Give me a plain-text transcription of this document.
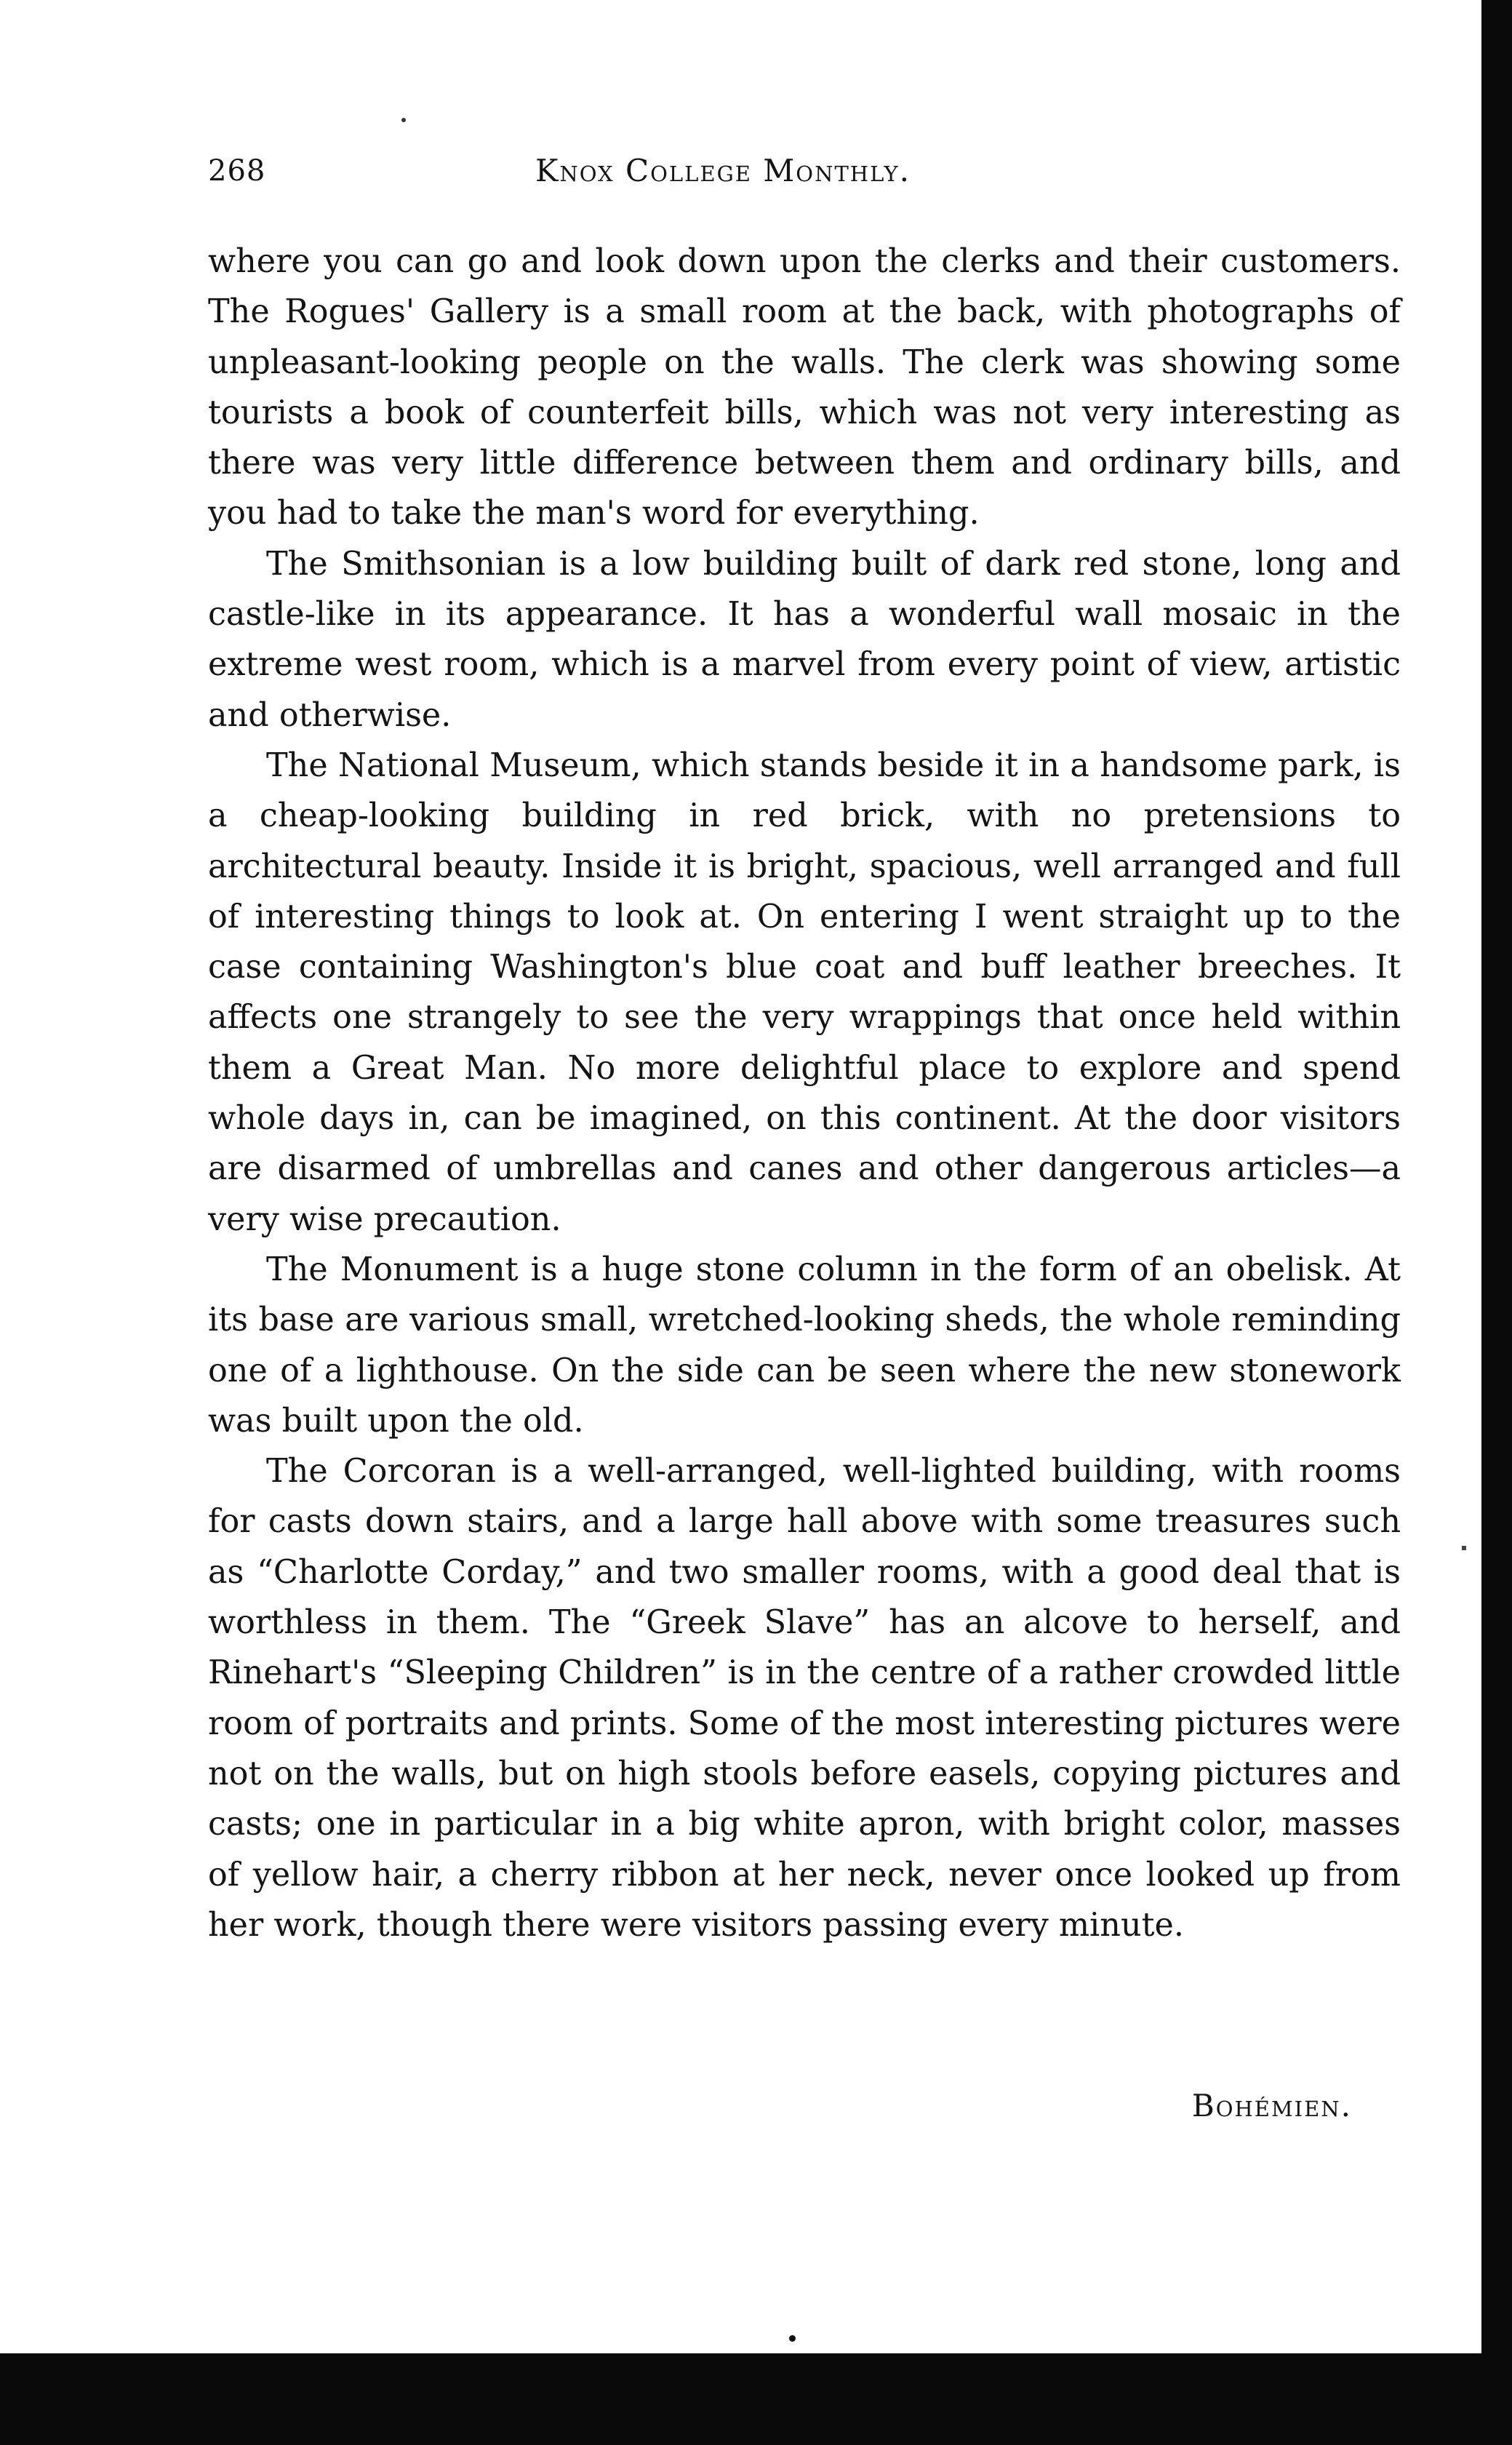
268	Knox College Monthly.

where you can go and look down upon the clerks and their customers. The Rogues' Gallery is a small room at the back, with photographs of unpleasant-looking people on the walls. The clerk was showing some tourists a book of counterfeit bills, which was not very interesting as there was very little difference between them and ordinary bills, and you had to take the man's word for everything.

The Smithsonian is a low building built of dark red stone, long and castle-like in its appearance. It has a wonderful wall mosaic in the extreme west room, which is a marvel from every point of view, artistic and otherwise.

The National Museum, which stands beside it in a handsome park, is a cheap-looking building in red brick, with no pretensions to architectural beauty. Inside it is bright, spacious, well arranged and full of interesting things to look at. On entering I went straight up to the case containing Washington's blue coat and buff leather breeches. It affects one strangely to see the very wrappings that once held within them a Great Man. No more delightful place to explore and spend whole days in, can be imagined, on this continent. At the door visitors are disarmed of umbrellas and canes and other dangerous articles—a very wise precaution.

The Monument is a huge stone column in the form of an obelisk. At its base are various small, wretched-looking sheds, the whole reminding one of a lighthouse. On the side can be seen where the new stonework was built upon the old.

The Corcoran is a well-arranged, well-lighted building, with rooms for casts down stairs, and a large hall above with some treasures such as “Charlotte Corday,” and two smaller rooms, with a good deal that is worthless in them. The “Greek Slave” has an alcove to herself, and Rinehart's “Sleeping Children” is in the centre of a rather crowded little room of portraits and prints. Some of the most interesting pictures were not on the walls, but on high stools before easels, copying pictures and casts; one in particular in a big white apron, with bright color, masses of yellow hair, a cherry ribbon at her neck, never once looked up from her work, though there were visitors passing every minute.

Bohémien.
